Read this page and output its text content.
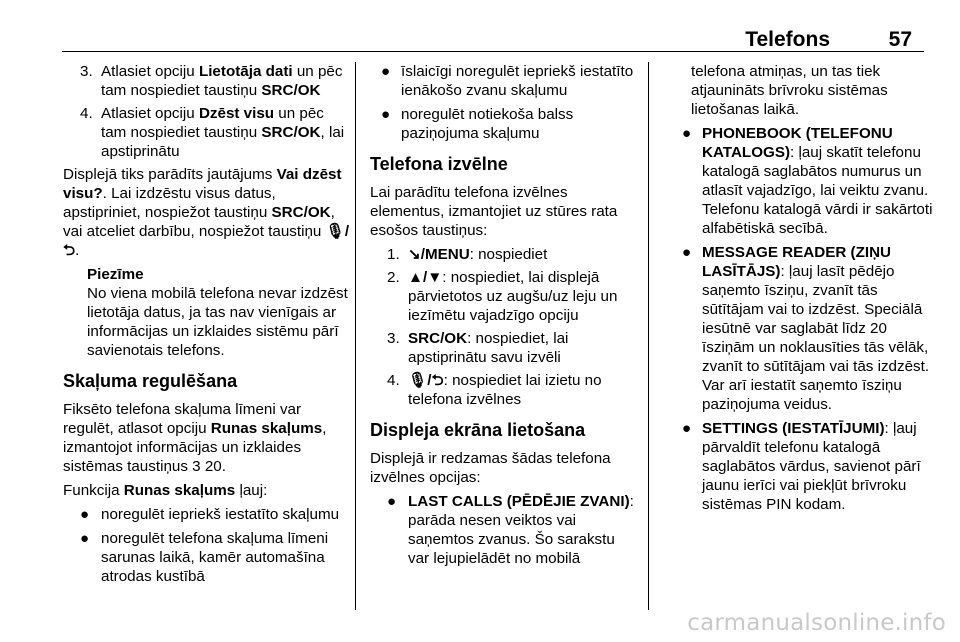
Telefons	57
3. Atlasiet opciju Lietotāja dati un pēc tam nospiediet taustiņu SRC/OK
4. Atlasiet opciju Dzēst visu un pēc tam nospiediet taustiņu SRC/OK, lai apstiprinātu
Displejā tiks parādīts jautājums Vai dzēst visu?. Lai izdzēstu visus datus, apstipriniet, nospiežot taustiņu SRC/OK, vai atceliet darbību, nospiežot taustiņu 🎙/⮌.
Piezīme
No viena mobilā telefona nevar izdzēst lietotāja datus, ja tas nav vienīgais ar informācijas un izklaides sistēmu pārī savienotais telefons.
Skaļuma regulēšana
Fiksēto telefona skaļuma līmeni var regulēt, atlasot opciju Runas skaļums, izmantojot informācijas un izklaides sistēmas taustiņus 3 20.
Funkcija Runas skaļums ļauj:
● noregulēt iepriekš iestatīto skaļumu
● noregulēt telefona skaļuma līmeni sarunas laikā, kamēr automašīna atrodas kustībā
● īslaicīgi noregulēt iepriekš iestatīto ienākošo zvanu skaļumu
● noregulēt notiekoša balss paziņojuma skaļumu
Telefona izvēlne
Lai parādītu telefona izvēlnes elementus, izmantojiet uz stūres rata esošos taustiņus:
1. ↘/MENU: nospiediet
2. ▲/▼: nospiediet, lai displejā pārvietotos uz augšu/uz leju un iezīmētu vajadzīgo opciju
3. SRC/OK: nospiediet, lai apstiprinātu savu izvēli
4. 🎙/⮌: nospiediet lai izietu no telefona izvēlnes
Displeja ekrāna lietošana
Displejā ir redzamas šādas telefona izvēlnes opcijas:
● LAST CALLS (PĒDĒJIE ZVANI): parāda nesen veiktos vai saņemtos zvanus. Šo sarakstu var lejupielādēt no mobilā
telefona atmiņas, un tas tiek atjaunināts brīvroku sistēmas lietošanas laikā.
● PHONEBOOK (TELEFONU KATALOGS): ļauj skatīt telefonu katalogā saglabātos numurus un atlasīt vajadzīgo, lai veiktu zvanu. Telefonu katalogā vārdi ir sakārtoti alfabētiskā secībā.
● MESSAGE READER (ZIŅU LASĪTĀJS): ļauj lasīt pēdējo saņemto īsziņu, zvanīt tās sūtītājam vai to izdzēst. Speciālā iesūtnē var saglabāt līdz 20 īsziņām un noklausīties tās vēlāk, zvanīt to sūtītājam vai tās izdzēst. Var arī iestatīt saņemto īsziņu paziņojuma veidus.
● SETTINGS (IESTATĪJUMI): ļauj pārvaldīt telefonu katalogā saglabātos vārdus, savienot pārī jaunu ierīci vai piekļūt brīvroku sistēmas PIN kodam.
carmanualsonline.info
